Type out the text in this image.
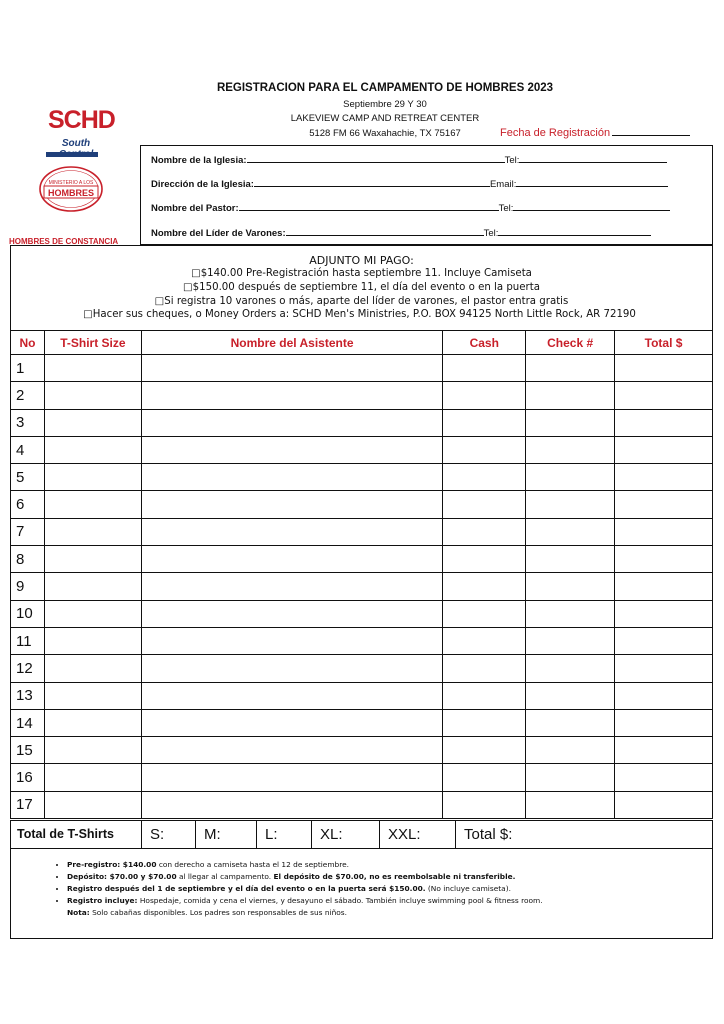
REGISTRACION PARA EL CAMPAMENTO DE HOMBRES 2023
Septiembre 29 Y 30
LAKEVIEW CAMP AND RETREAT CENTER
5128 FM 66 Waxahachie, TX 75167	Fecha de Registración
SCHD
South
MINISTERIO A LOS
HOMBRES
HOMBRES DE CONSTANCIA
Nombre de la Iglesia:	Tel:
Dirección de la Iglesia:	Email:
Nombre del Pastor:	Tel:
Nombre del Líder de Varones:	Tel:
ADJUNTO MI PAGO:
□$140.00 Pre-Registración hasta septiembre 11. Incluye Camiseta
□$150.00 después de septiembre 11, el día del evento o en la puerta
□Si registra 10 varones o más, aparte del líder de varones, el pastor entra gratis
□Hacer sus cheques, o Money Orders a: SCHD Men's Ministries, P.O. BOX 94125 North Little Rock, AR 72190
No	T-Shirt Size	Nombre del Asistente	Cash	Check #	Total $
1					
2					
3					
4					
5					
6					
7					
8					
9					
10					
11					
12					
13					
14					
15					
16					
17					
Total de T-Shirts	S:	M:	L:	XL:	XXL:	Total $:
• Pre-registro: $140.00 con derecho a camiseta hasta el 12 de septiembre.
• Depósito: $70.00 y $70.00 al llegar al campamento. El depósito de $70.00, no es reembolsable ni transferible.
• Registro después del 1 de septiembre y el día del evento o en la puerta será $150.00. (No incluye camiseta).
• Registro incluye: Hospedaje, comida y cena el viernes, y desayuno el sábado. También incluye swimming pool & fitness room.
Nota: Solo cabañas disponibles. Los padres son responsables de sus niños.
